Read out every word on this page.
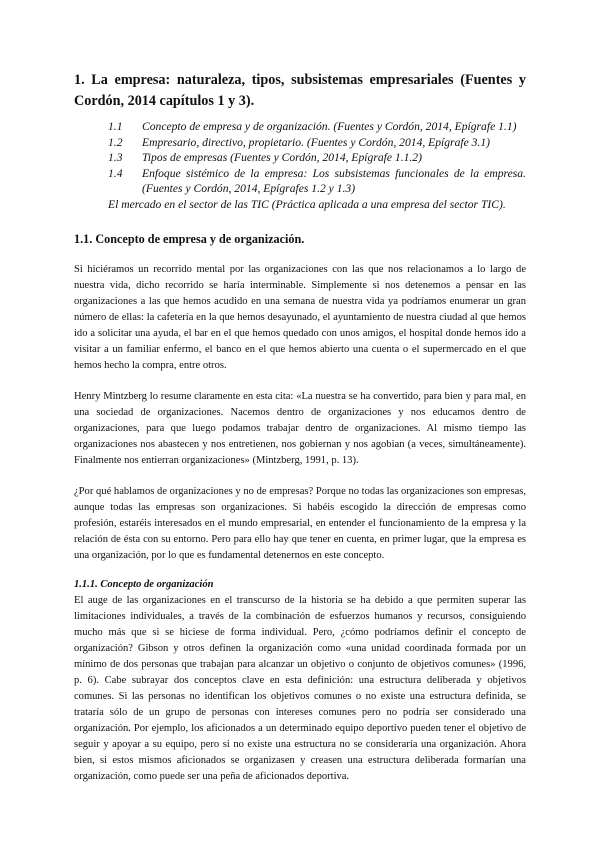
1. La empresa: naturaleza, tipos, subsistemas empresariales (Fuentes y Cordón, 2014 capítulos 1 y 3).
1.1	Concepto de empresa y de organización. (Fuentes y Cordón, 2014, Epígrafe 1.1)
1.2	Empresario, directivo, propietario. (Fuentes y Cordón, 2014, Epígrafe 3.1)
1.3	Tipos de empresas (Fuentes y Cordón, 2014, Epígrafe 1.1.2)
1.4	Enfoque sistémico de la empresa: Los subsistemas funcionales de la empresa. (Fuentes y Cordón, 2014, Epígrafes 1.2 y 1.3)
El mercado en el sector de las TIC (Práctica aplicada a una empresa del sector TIC).
1.1. Concepto de empresa y de organización.

Si hiciéramos un recorrido mental por las organizaciones con las que nos relacionamos a lo largo de nuestra vida, dicho recorrido se haría interminable. Simplemente si nos detenemos a pensar en las organizaciones a las que hemos acudido en una semana de nuestra vida ya podríamos enumerar un gran número de ellas: la cafetería en la que hemos desayunado, el ayuntamiento de nuestra ciudad al que hemos ido a solicitar una ayuda, el bar en el que hemos quedado con unos amigos, el hospital donde hemos ido a visitar a un familiar enfermo, el banco en el que hemos abierto una cuenta o el supermercado en el que hemos hecho la compra, entre otros.

Henry Mintzberg lo resume claramente en esta cita: «La nuestra se ha convertido, para bien y para mal, en una sociedad de organizaciones. Nacemos dentro de organizaciones y nos educamos dentro de organizaciones, para que luego podamos trabajar dentro de organizaciones. Al mismo tiempo las organizaciones nos abastecen y nos entretienen, nos gobiernan y nos agobian (a veces, simultáneamente). Finalmente nos entierran organizaciones» (Mintzberg, 1991, p. 13).

¿Por qué hablamos de organizaciones y no de empresas? Porque no todas las organizaciones son empresas, aunque todas las empresas son organizaciones. Si habéis escogido la dirección de empresas como profesión, estaréis interesados en el mundo empresarial, en entender el funcionamiento de la empresa y la relación de ésta con su entorno. Pero para ello hay que tener en cuenta, en primer lugar, que la empresa es una organización, por lo que es fundamental detenernos en este concepto.

1.1.1. Concepto de organización

El auge de las organizaciones en el transcurso de la historia se ha debido a que permiten superar las limitaciones individuales, a través de la combinación de esfuerzos humanos y recursos, consiguiendo mucho más que si se hiciese de forma individual. Pero, ¿cómo podríamos definir el concepto de organización? Gibson y otros definen la organización como «una unidad coordinada formada por un mínimo de dos personas que trabajan para alcanzar un objetivo o conjunto de objetivos comunes» (1996, p. 6). Cabe subrayar dos conceptos clave en esta definición: una estructura deliberada y objetivos comunes. Si las personas no identifican los objetivos comunes o no existe una estructura definida, se trataría sólo de un grupo de personas con intereses comunes pero no podría ser considerado una organización. Por ejemplo, los aficionados a un determinado equipo deportivo pueden tener el objetivo de seguir y apoyar a su equipo, pero si no existe una estructura no se consideraría una organización. Ahora bien, si estos mismos aficionados se organizasen y creasen una estructura deliberada formarían una organización, como puede ser una peña de aficionados deportiva.
